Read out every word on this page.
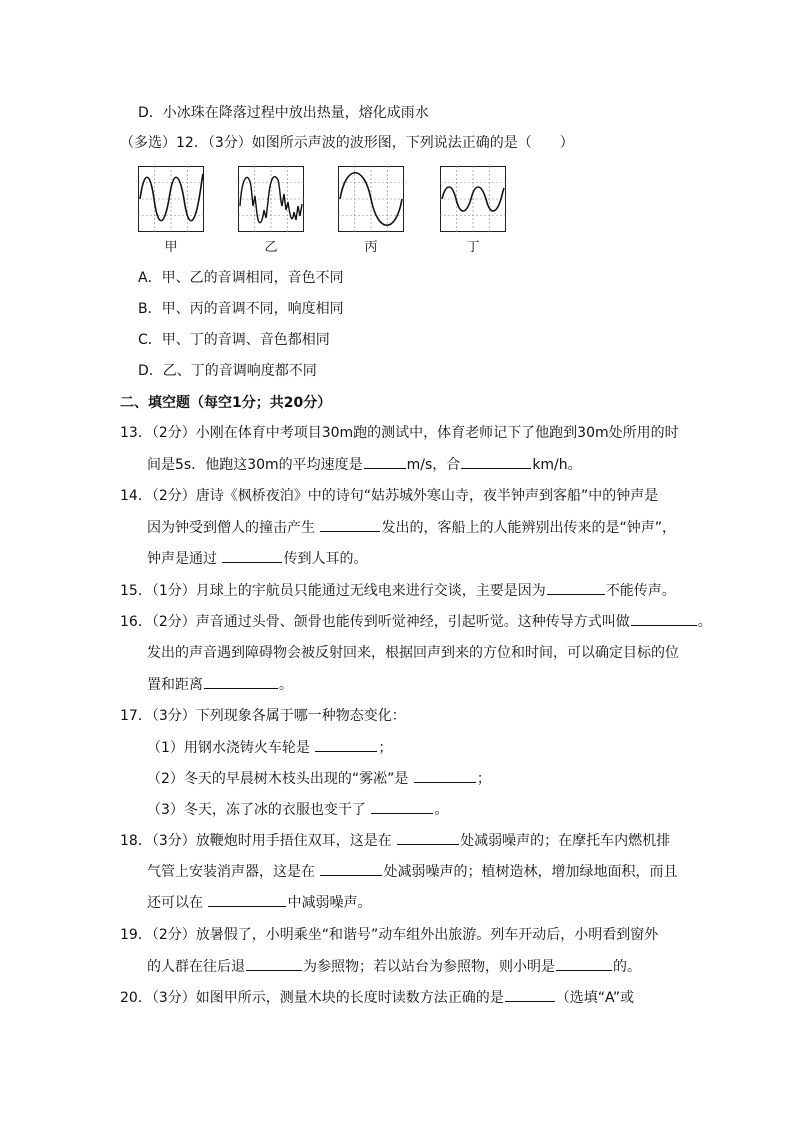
D．小冰珠在降落过程中放出热量，熔化成雨水
（多选）12．（3分）如图所示声波的波形图，下列说法正确的是（　　）
甲	乙	丙	丁
A．甲、乙的音调相同，音色不同
B．甲、丙的音调不同，响度相同
C．甲、丁的音调、音色都相同
D．乙、丁的音调响度都不同
二、填空题（每空1分；共20分）
13．（2分）小刚在体育中考项目30m跑的测试中，体育老师记下了他跑到30m处所用的时
间是5s．他跑这30m的平均速度是	m/s，合	km/h。
14．（2分）唐诗《枫桥夜泊》中的诗句“姑苏城外寒山寺，夜半钟声到客船”中的钟声是
因为钟受到僧人的撞击产生	发出的，客船上的人能辨别出传来的是“钟声”，
钟声是通过	传到人耳的。
15．（1分）月球上的宇航员只能通过无线电来进行交谈，主要是因为	不能传声。
16．（2分）声音通过头骨、颌骨也能传到听觉神经，引起听觉。这种传导方式叫做	。
发出的声音遇到障碍物会被反射回来，根据回声到来的方位和时间，可以确定目标的位
置和距离	。
17．（3分）下列现象各属于哪一种物态变化：
（1）用钢水浇铸火车轮是	；
（2）冬天的早晨树木枝头出现的“雾凇”是	；
（3）冬天，冻了冰的衣服也变干了	。
18．（3分）放鞭炮时用手捂住双耳，这是在	处减弱噪声的；在摩托车内燃机排
气管上安装消声器，这是在	处减弱噪声的；植树造林，增加绿地面积，而且
还可以在	中减弱噪声。
19．（2分）放暑假了，小明乘坐“和谐号”动车组外出旅游。列车开动后，小明看到窗外
的人群在往后退	为参照物；若以站台为参照物，则小明是	的。
20．（3分）如图甲所示，测量木块的长度时读数方法正确的是	（选填“A”或
